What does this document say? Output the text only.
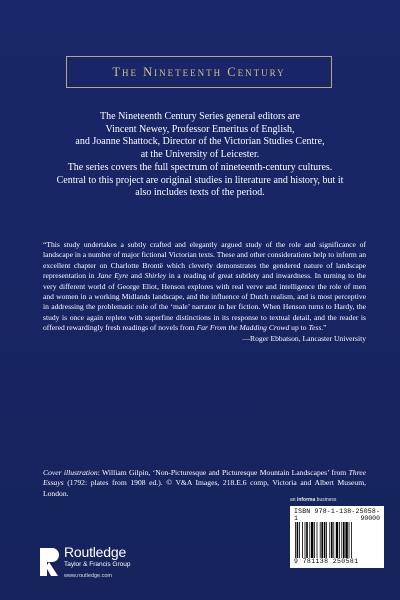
The Nineteenth Century
The Nineteenth Century Series general editors are
Vincent Newey, Professor Emeritus of English,
and Joanne Shattock, Director of the Victorian Studies Centre,
at the University of Leicester.
The series covers the full spectrum of nineteenth-century cultures.
Central to this project are original studies in literature and history, but it
also includes texts of the period.
“This study undertakes a subtly crafted and elegantly argued study of the role and significance of landscape in a number of major fictional Victorian texts. These and other considerations help to inform an excellent chapter on Charlotte Brontë which cleverly demonstrates the gendered nature of landscape representation in Jane Eyre and Shirley in a reading of great subtlety and inwardness. In turning to the very different world of George Eliot, Henson explores with real verve and intelligence the role of men and women in a working Midlands landscape, and the influence of Dutch realism, and is most perceptive in addressing the problematic role of the ‘male’ narrator in her fiction. When Henson turns to Hardy, the study is once again replete with superfine distinctions in its response to textual detail, and the reader is offered rewardingly fresh readings of novels from Far From the Madding Crowd up to Tess.”
—Roger Ebbatson, Lancaster University
Cover illustration: William Gilpin, ‘Non-Picturesque and Picturesque Mountain Landscapes’ from Three Essays (1792: plates from 1908 ed.). © V&A Images, 218.E.6 comp, Victoria and Albert Museum, London.
an informa business
ISBN 978-1-138-25058-1	90000
9 781138 250581
Routledge
Taylor & Francis Group
www.routledge.com
